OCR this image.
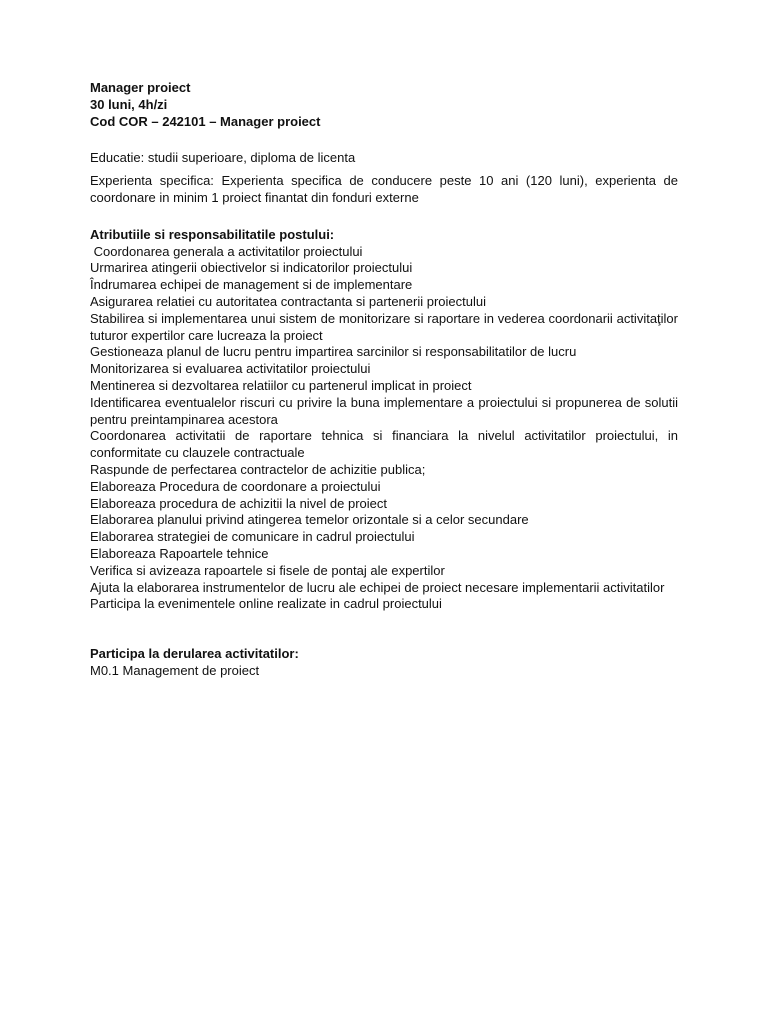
Manager proiect
30 luni, 4h/zi
Cod COR – 242101 – Manager proiect

Educatie: studii superioare, diploma de licenta

Experienta specifica: Experienta specifica de conducere peste 10 ani (120 luni), experienta de coordonare in minim 1 proiect finantat din fonduri externe

Atributiile si responsabilitatile postului:
Coordonarea generala a activitatilor proiectului
Urmarirea atingerii obiectivelor si indicatorilor proiectului
Îndrumarea echipei de management si de implementare
Asigurarea relatiei cu autoritatea contractanta si partenerii proiectului
Stabilirea si implementarea unui sistem de monitorizare si raportare in vederea coordonarii activitaţilor tuturor expertilor care lucreaza la proiect
Gestioneaza planul de lucru pentru impartirea sarcinilor si responsabilitatilor de lucru
Monitorizarea si evaluarea activitatilor proiectului
Mentinerea si dezvoltarea relatiilor cu partenerul implicat in proiect
Identificarea eventualelor riscuri cu privire la buna implementare a proiectului si propunerea de solutii pentru preintampinarea acestora
Coordonarea activitatii de raportare tehnica si financiara la nivelul activitatilor proiectului, in conformitate cu clauzele contractuale
Raspunde de perfectarea contractelor de achizitie publica;
Elaboreaza Procedura de coordonare a proiectului
Elaboreaza procedura de achizitii la nivel de proiect
Elaborarea planului privind atingerea temelor orizontale si a celor secundare
Elaborarea strategiei de comunicare in cadrul proiectului
Elaboreaza Rapoartele tehnice
Verifica si avizeaza rapoartele si fisele de pontaj ale expertilor
Ajuta la elaborarea instrumentelor de lucru ale echipei de proiect necesare implementarii activitatilor
Participa la evenimentele online realizate in cadrul proiectului
Participa la derularea activitatilor:
M0.1 Management de proiect
